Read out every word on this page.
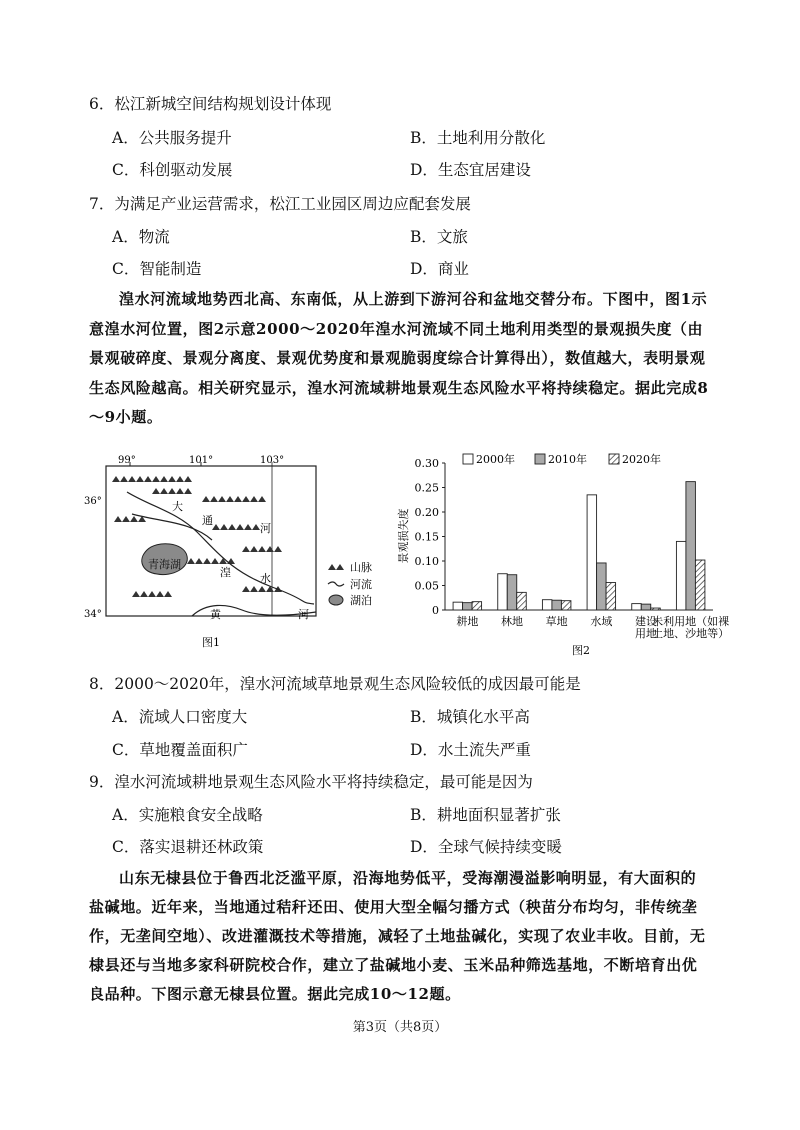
6．松江新城空间结构规划设计体现
A．公共服务提升	B．土地利用分散化
C．科创驱动发展	D．生态宜居建设
7．为满足产业运营需求，松江工业园区周边应配套发展
A．物流	B．文旅
C．智能制造	D．商业
湟水河流域地势西北高、东南低，从上游到下游河谷和盆地交替分布。下图中，图1示意湟水河位置，图2示意2000～2020年湟水河流域不同土地利用类型的景观损失度（由景观破碎度、景观分离度、景观优势度和景观脆弱度综合计算得出），数值越大，表明景观生态风险越高。相关研究显示，湟水河流域耕地景观生态风险水平将持续稳定。据此完成8～9小题。
99°	101°	103°
36°
34°
大
通
河
湟	水
青海湖
黄	河
山脉
河流
湖泊
图1
0
0.05
0.10
0.15
0.20
0.25
0.30
耕地 林地 草地 水域 建设
用地
未利用地（如裸
土地、沙地等）
2000年	2010年	2020年
景观损失度
图2
8．2000～2020年，湟水河流域草地景观生态风险较低的成因最可能是
A．流域人口密度大	B．城镇化水平高
C．草地覆盖面积广	D．水土流失严重
9．湟水河流域耕地景观生态风险水平将持续稳定，最可能是因为
A．实施粮食安全战略	B．耕地面积显著扩张
C．落实退耕还林政策	D．全球气候持续变暖
山东无棣县位于鲁西北泛滥平原，沿海地势低平，受海潮漫溢影响明显，有大面积的盐碱地。近年来，当地通过秸秆还田、使用大型全幅匀播方式（秧苗分布均匀，非传统垄作，无垄间空地）、改进灌溉技术等措施，减轻了土地盐碱化，实现了农业丰收。目前，无棣县还与当地多家科研院校合作，建立了盐碱地小麦、玉米品种筛选基地，不断培育出优良品种。下图示意无棣县位置。据此完成10～12题。
第3页（共8页）
